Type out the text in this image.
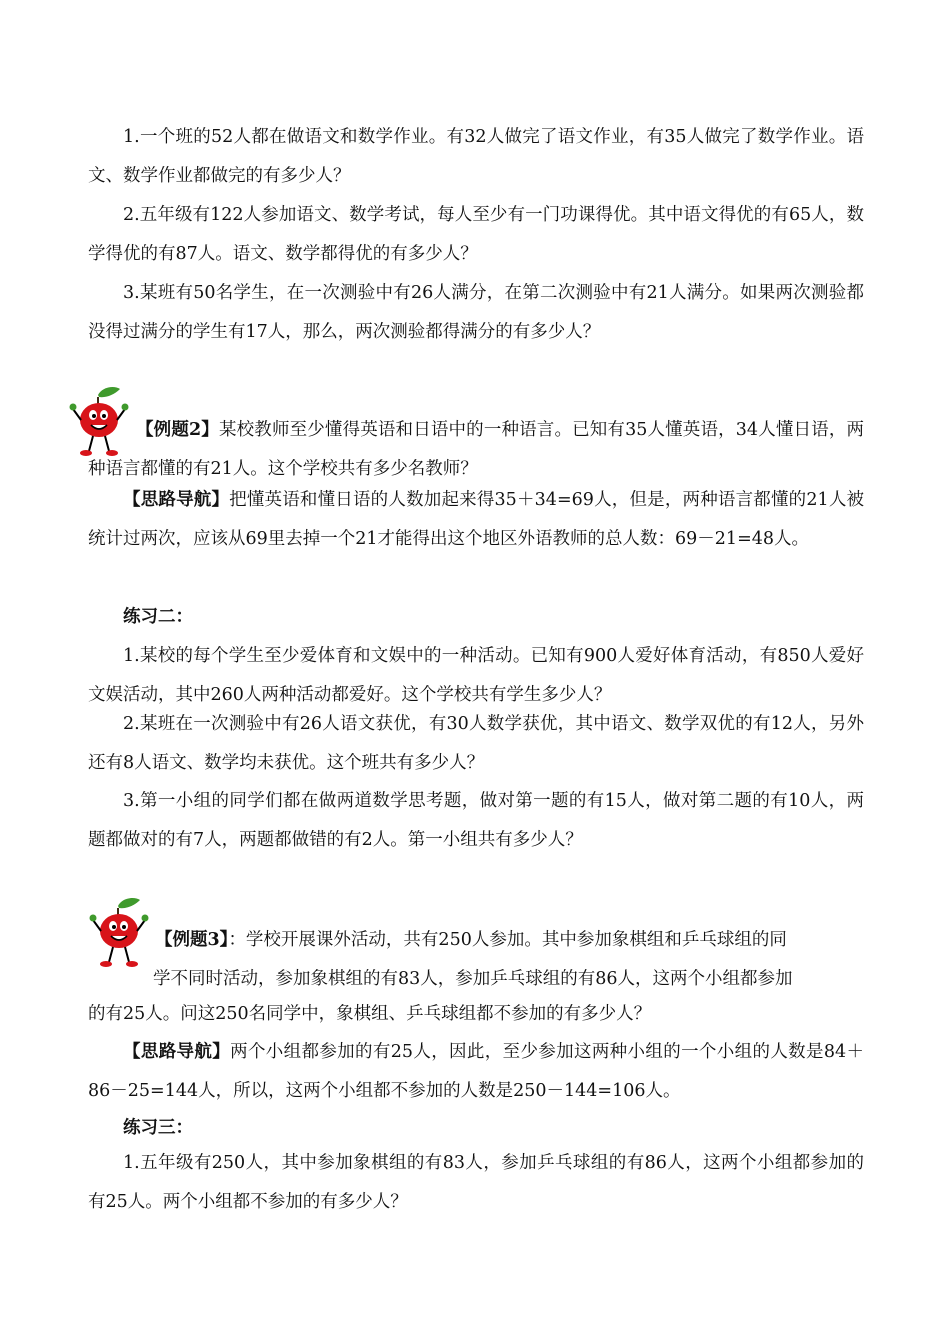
1.一个班的52人都在做语文和数学作业。有32人做完了语文作业，有35人做完了数学作业。语文、数学作业都做完的有多少人？

2.五年级有122人参加语文、数学考试，每人至少有一门功课得优。其中语文得优的有65人，数学得优的有87人。语文、数学都得优的有多少人？

3.某班有50名学生，在一次测验中有26人满分，在第二次测验中有21人满分。如果两次测验都没得过满分的学生有17人，那么，两次测验都得满分的有多少人？

【例题2】某校教师至少懂得英语和日语中的一种语言。已知有35人懂英语，34人懂日语，两种语言都懂的有21人。这个学校共有多少名教师？

【思路导航】把懂英语和懂日语的人数加起来得35＋34=69人，但是，两种语言都懂的21人被统计过两次，应该从69里去掉一个21才能得出这个地区外语教师的总人数：69－21=48人。

练习二：

1.某校的每个学生至少爱体育和文娱中的一种活动。已知有900人爱好体育活动，有850人爱好文娱活动，其中260人两种活动都爱好。这个学校共有学生多少人？

2.某班在一次测验中有26人语文获优，有30人数学获优，其中语文、数学双优的有12人，另外还有8人语文、数学均未获优。这个班共有多少人？

3.第一小组的同学们都在做两道数学思考题，做对第一题的有15人，做对第二题的有10人，两题都做对的有7人，两题都做错的有2人。第一小组共有多少人？

【例题3】：学校开展课外活动，共有250人参加。其中参加象棋组和乒乓球组的同

学不同时活动，参加象棋组的有83人，参加乒乓球组的有86人，这两个小组都参加

的有25人。问这250名同学中，象棋组、乒乓球组都不参加的有多少人？

【思路导航】两个小组都参加的有25人，因此，至少参加这两种小组的一个小组的人数是84＋86－25=144人，所以，这两个小组都不参加的人数是250－144=106人。

练习三：

1.五年级有250人，其中参加象棋组的有83人，参加乒乓球组的有86人，这两个小组都参加的有25人。两个小组都不参加的有多少人？
